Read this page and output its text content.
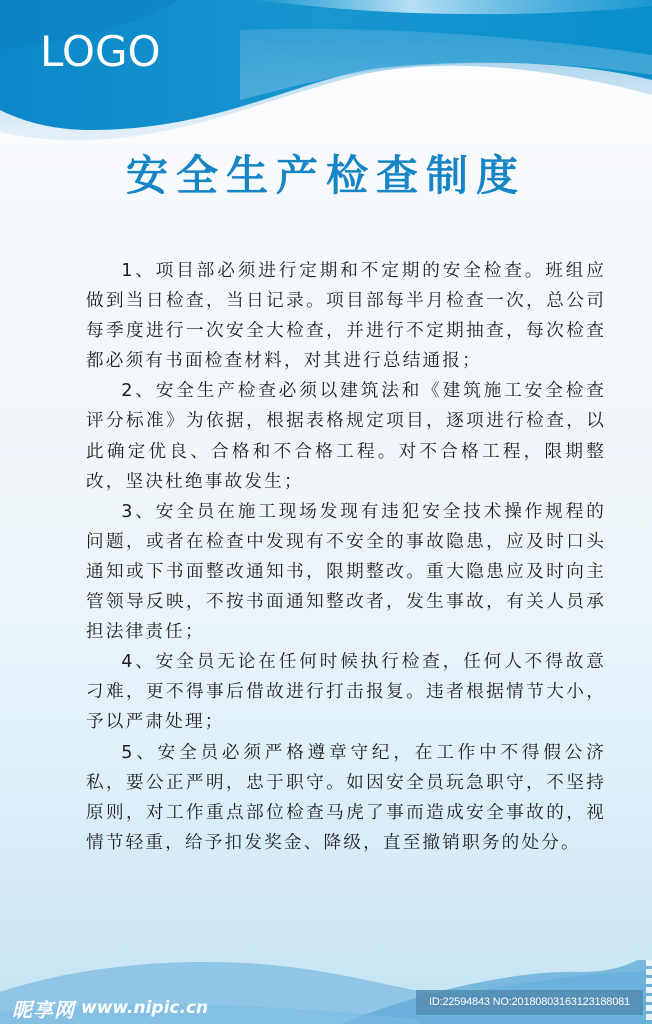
LOGO
安全生产检查制度

1、项目部必须进行定期和不定期的安全检查。班组应做到当日检查，当日记录。项目部每半月检查一次，总公司每季度进行一次安全大检查，并进行不定期抽查，每次检查都必须有书面检查材料，对其进行总结通报；

2、安全生产检查必须以建筑法和《建筑施工安全检查评分标准》为依据，根据表格规定项目，逐项进行检查，以此确定优良、合格和不合格工程。对不合格工程，限期整改，坚决杜绝事故发生；

3、安全员在施工现场发现有违犯安全技术操作规程的问题，或者在检查中发现有不安全的事故隐患，应及时口头通知或下书面整改通知书，限期整改。重大隐患应及时向主管领导反映，不按书面通知整改者，发生事故，有关人员承担法律责任；

4、安全员无论在任何时候执行检查，任何人不得故意刁难，更不得事后借故进行打击报复。违者根据情节大小，予以严肃处理；

5、安全员必须严格遵章守纪，在工作中不得假公济私，要公正严明，忠于职守。如因安全员玩急职守，不坚持原则，对工作重点部位检查马虎了事而造成安全事故的，视情节轻重，给予扣发奖金、降级，直至撤销职务的处分。

昵享网 www.nipic.cn	ID:22594843 NO:20180803163123188081
